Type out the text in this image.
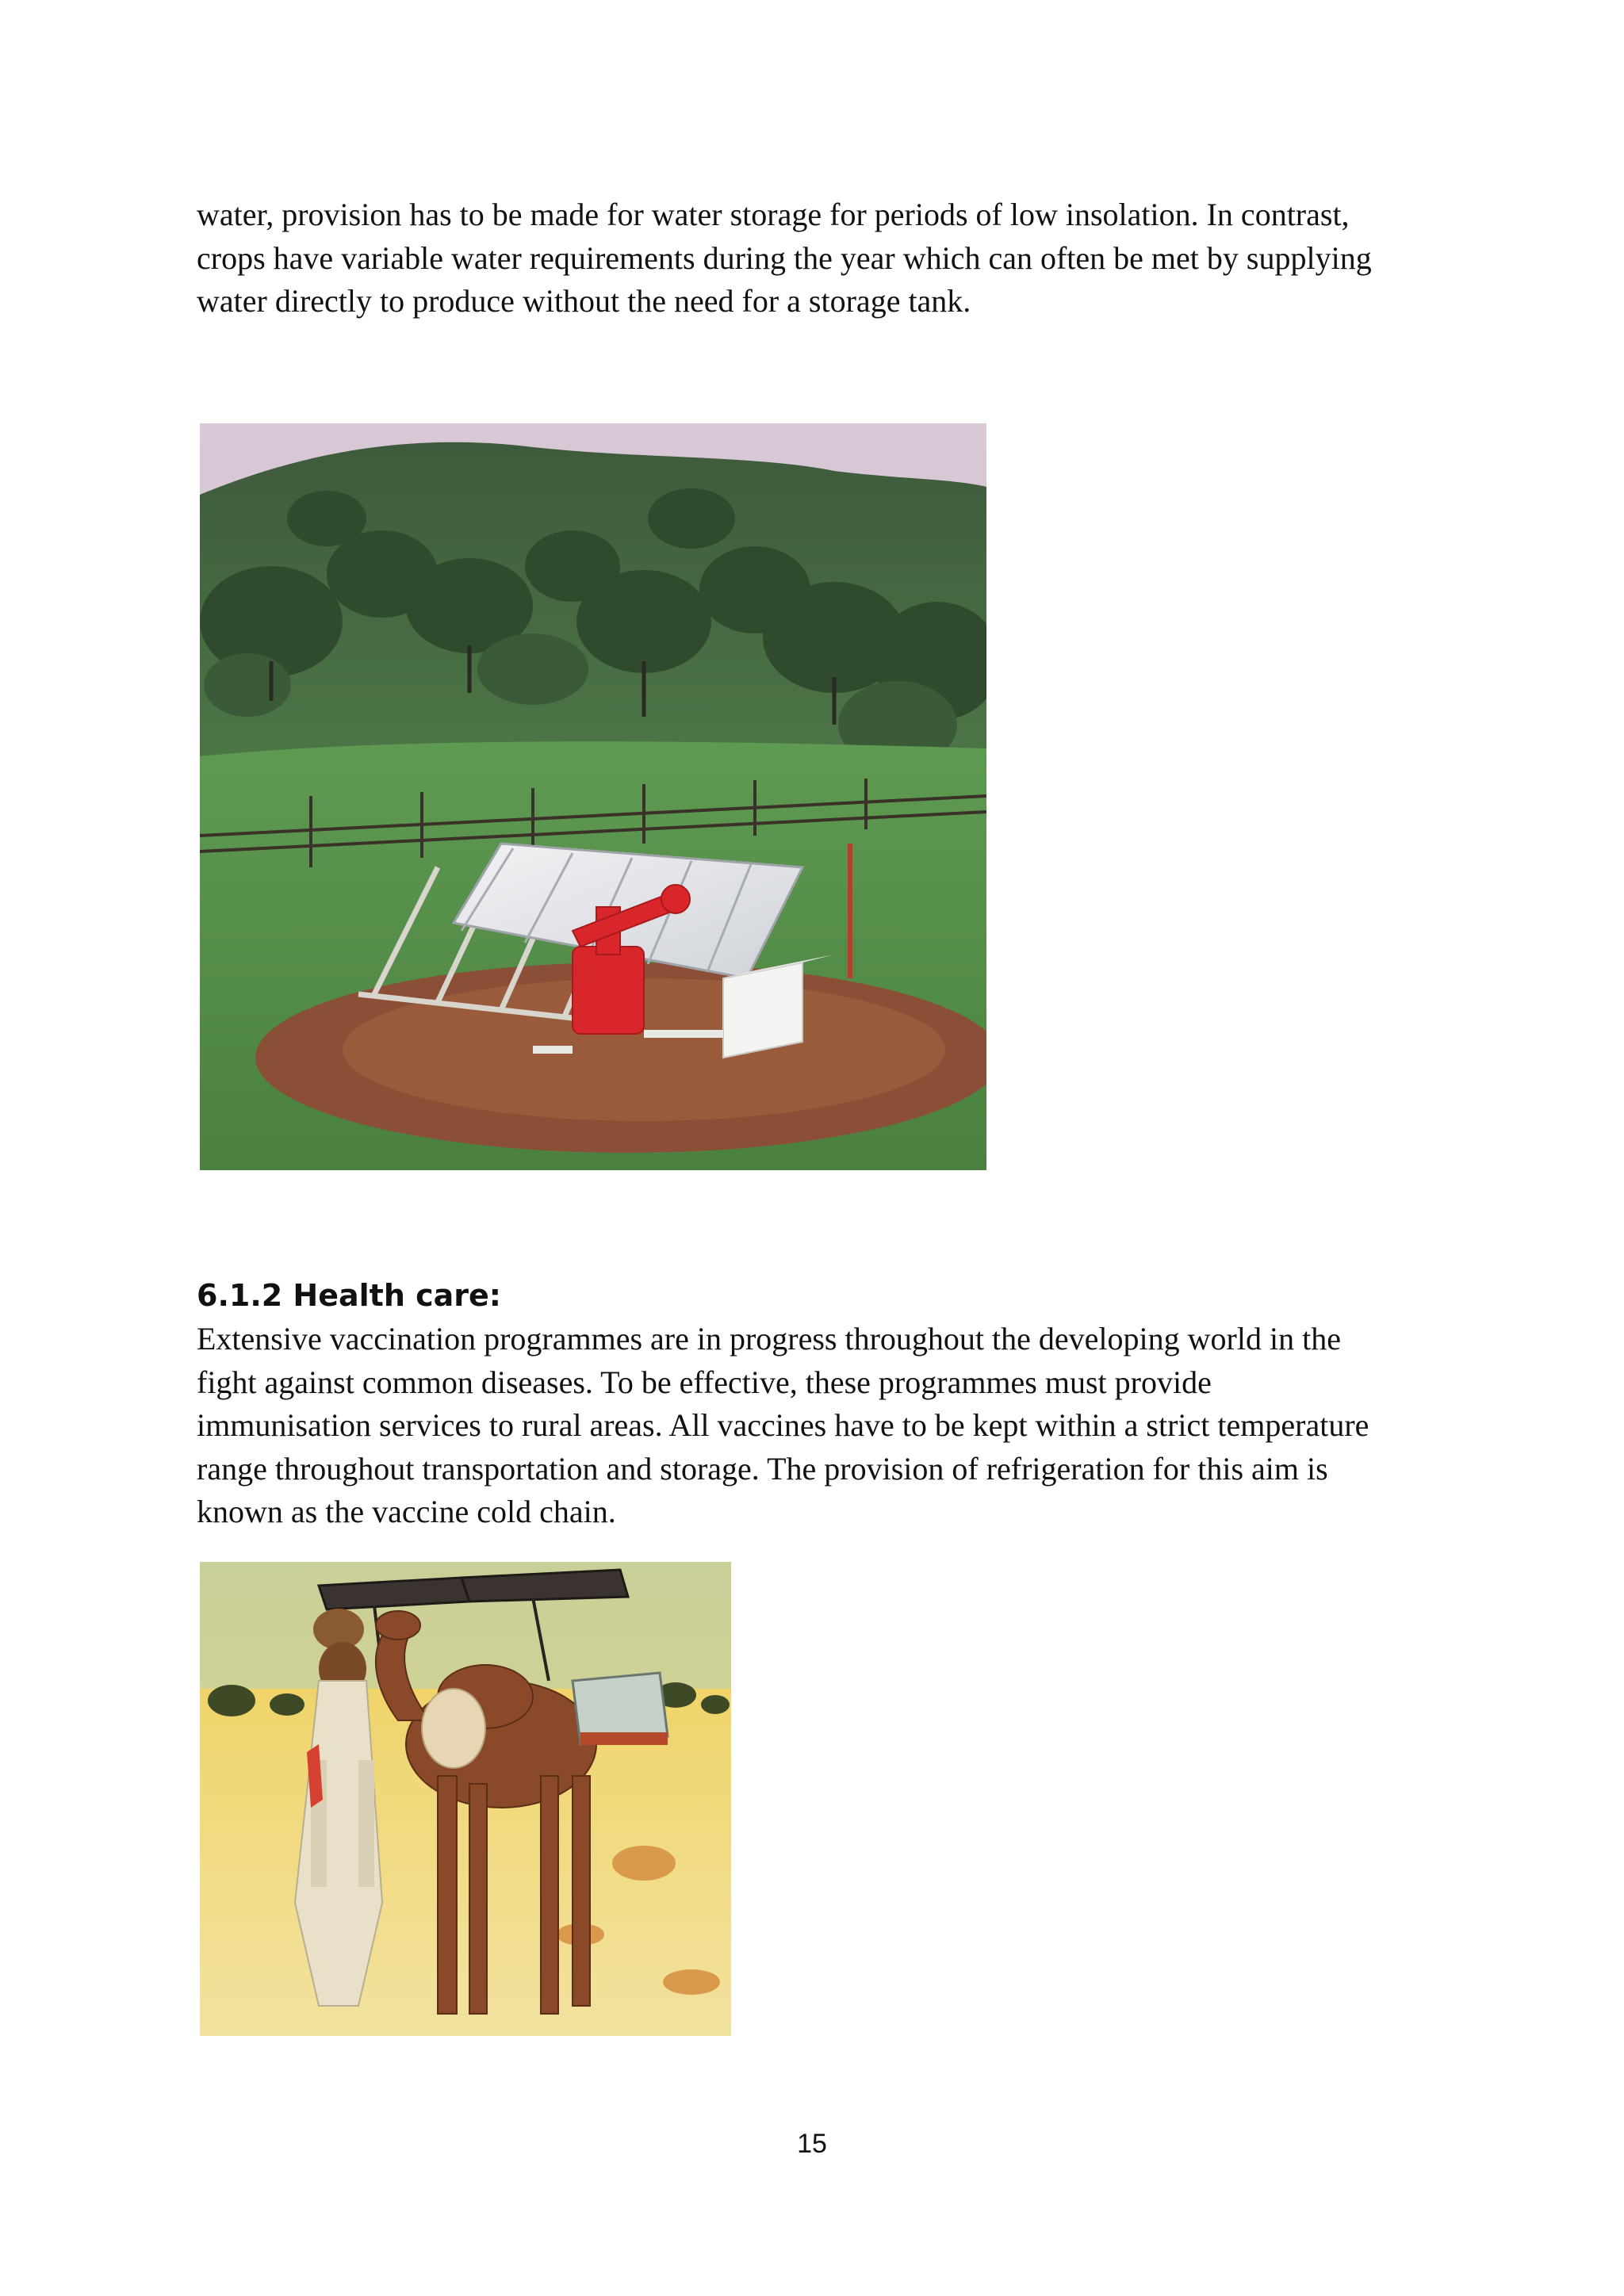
water, provision has to be made for water storage for periods of low insolation. In contrast,
crops have variable water requirements during the year which can often be met by supplying
water directly to produce without the need for a storage tank.

6.1.2 Health care:

Extensive vaccination programmes are in progress throughout the developing world in the
fight against common diseases. To be effective, these programmes must provide
immunisation services to rural areas. All vaccines have to be kept within a strict temperature
range throughout transportation and storage. The provision of refrigeration for this aim is
known as the vaccine cold chain.

15
